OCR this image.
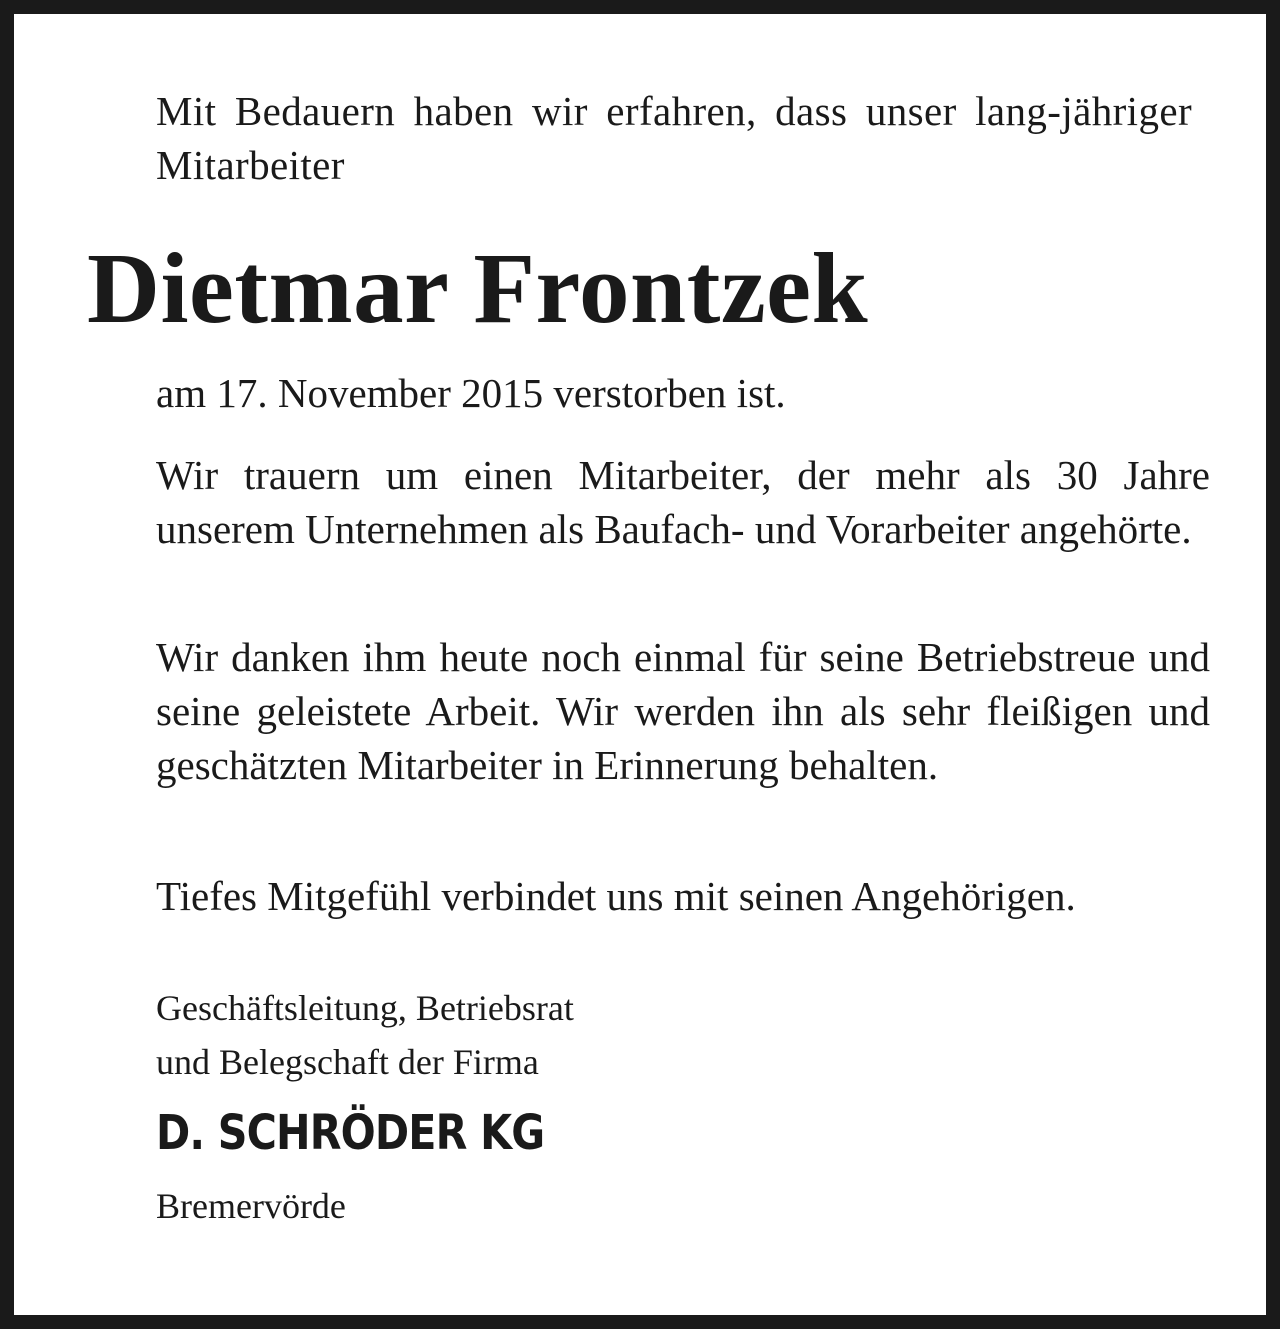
Mit Bedauern haben wir erfahren, dass unser lang-jähriger Mitarbeiter

Dietmar Frontzek

am 17. November 2015 verstorben ist.

Wir trauern um einen Mitarbeiter, der mehr als 30 Jahre unserem Unternehmen als Baufach- und Vorarbeiter angehörte.

Wir danken ihm heute noch einmal für seine Betriebstreue und seine geleistete Arbeit. Wir werden ihn als sehr fleißigen und geschätzten Mitarbeiter in Erinnerung behalten.

Tiefes Mitgefühl verbindet uns mit seinen Angehörigen.

Geschäftsleitung, Betriebsrat

und Belegschaft der Firma

D. SCHRÖDER KG

Bremervörde
